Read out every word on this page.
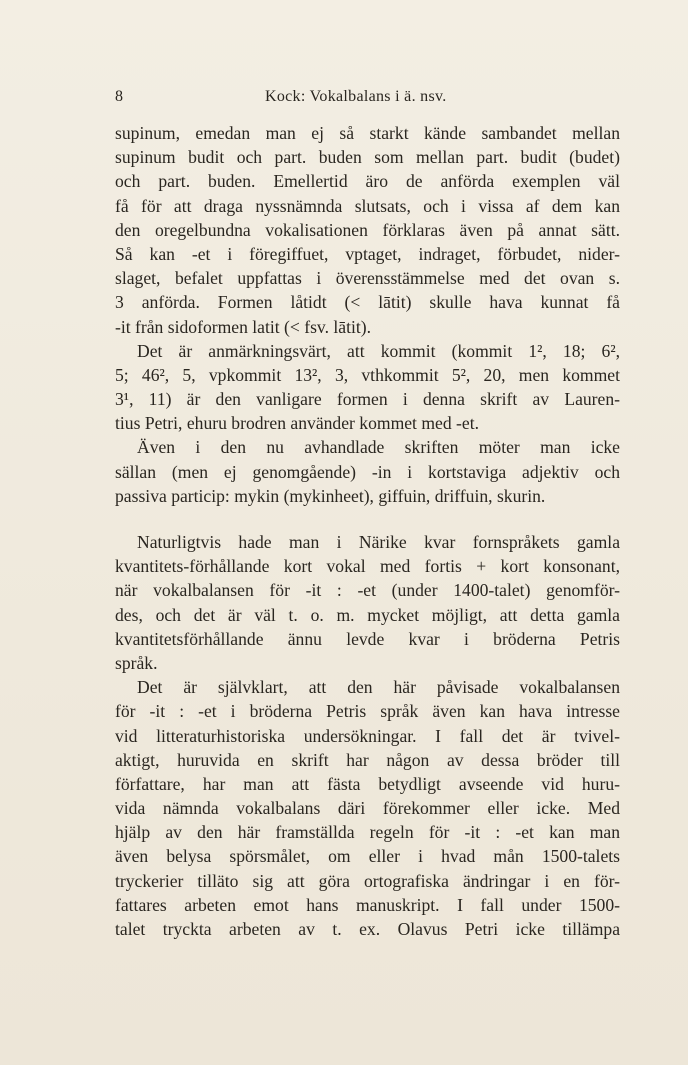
8	Kock: Vokalbalans i ä. nsv.
supinum, emedan man ej så starkt kände sambandet mellan
supinum budit och part. buden som mellan part. budit (budet)
och part. buden. Emellertid äro de anförda exemplen väl
få för att draga nyssnämnda slutsats, och i vissa af dem kan
den oregelbundna vokalisationen förklaras även på annat sätt.
Så kan -et i föregiffuet, vptaget, indraget, förbudet, nider-
slaget, befalet uppfattas i överensstämmelse med det ovan s.
3 anförda. Formen låtidt (< lātit) skulle hava kunnat få
-it från sidoformen latit (< fsv. lātit).
Det är anmärkningsvärt, att kommit (kommit 1², 18; 6²,
5; 46², 5, vpkommit 13², 3, vthkommit 5², 20, men kommet
3¹, 11) är den vanligare formen i denna skrift av Lauren-
tius Petri, ehuru brodren använder kommet med -et.
Även i den nu avhandlade skriften möter man icke
sällan (men ej genomgående) -in i kortstaviga adjektiv och
passiva particip: mykin (mykinheet), giffuin, driffuin, skurin.
Naturligtvis hade man i Närike kvar fornspråkets gamla
kvantitets-förhållande kort vokal med fortis + kort konsonant,
när vokalbalansen för -it : -et (under 1400-talet) genomför-
des, och det är väl t. o. m. mycket möjligt, att detta gamla
kvantitetsförhållande ännu levde kvar i bröderna Petris
språk.
Det är självklart, att den här påvisade vokalbalansen
för -it : -et i bröderna Petris språk även kan hava intresse
vid litteraturhistoriska undersökningar. I fall det är tvivel-
aktigt, huruvida en skrift har någon av dessa bröder till
författare, har man att fästa betydligt avseende vid huru-
vida nämnda vokalbalans däri förekommer eller icke. Med
hjälp av den här framställda regeln för -it : -et kan man
även belysa spörsmålet, om eller i hvad mån 1500-talets
tryckerier tilläto sig att göra ortografiska ändringar i en för-
fattares arbeten emot hans manuskript. I fall under 1500-
talet tryckta arbeten av t. ex. Olavus Petri icke tillämpa
